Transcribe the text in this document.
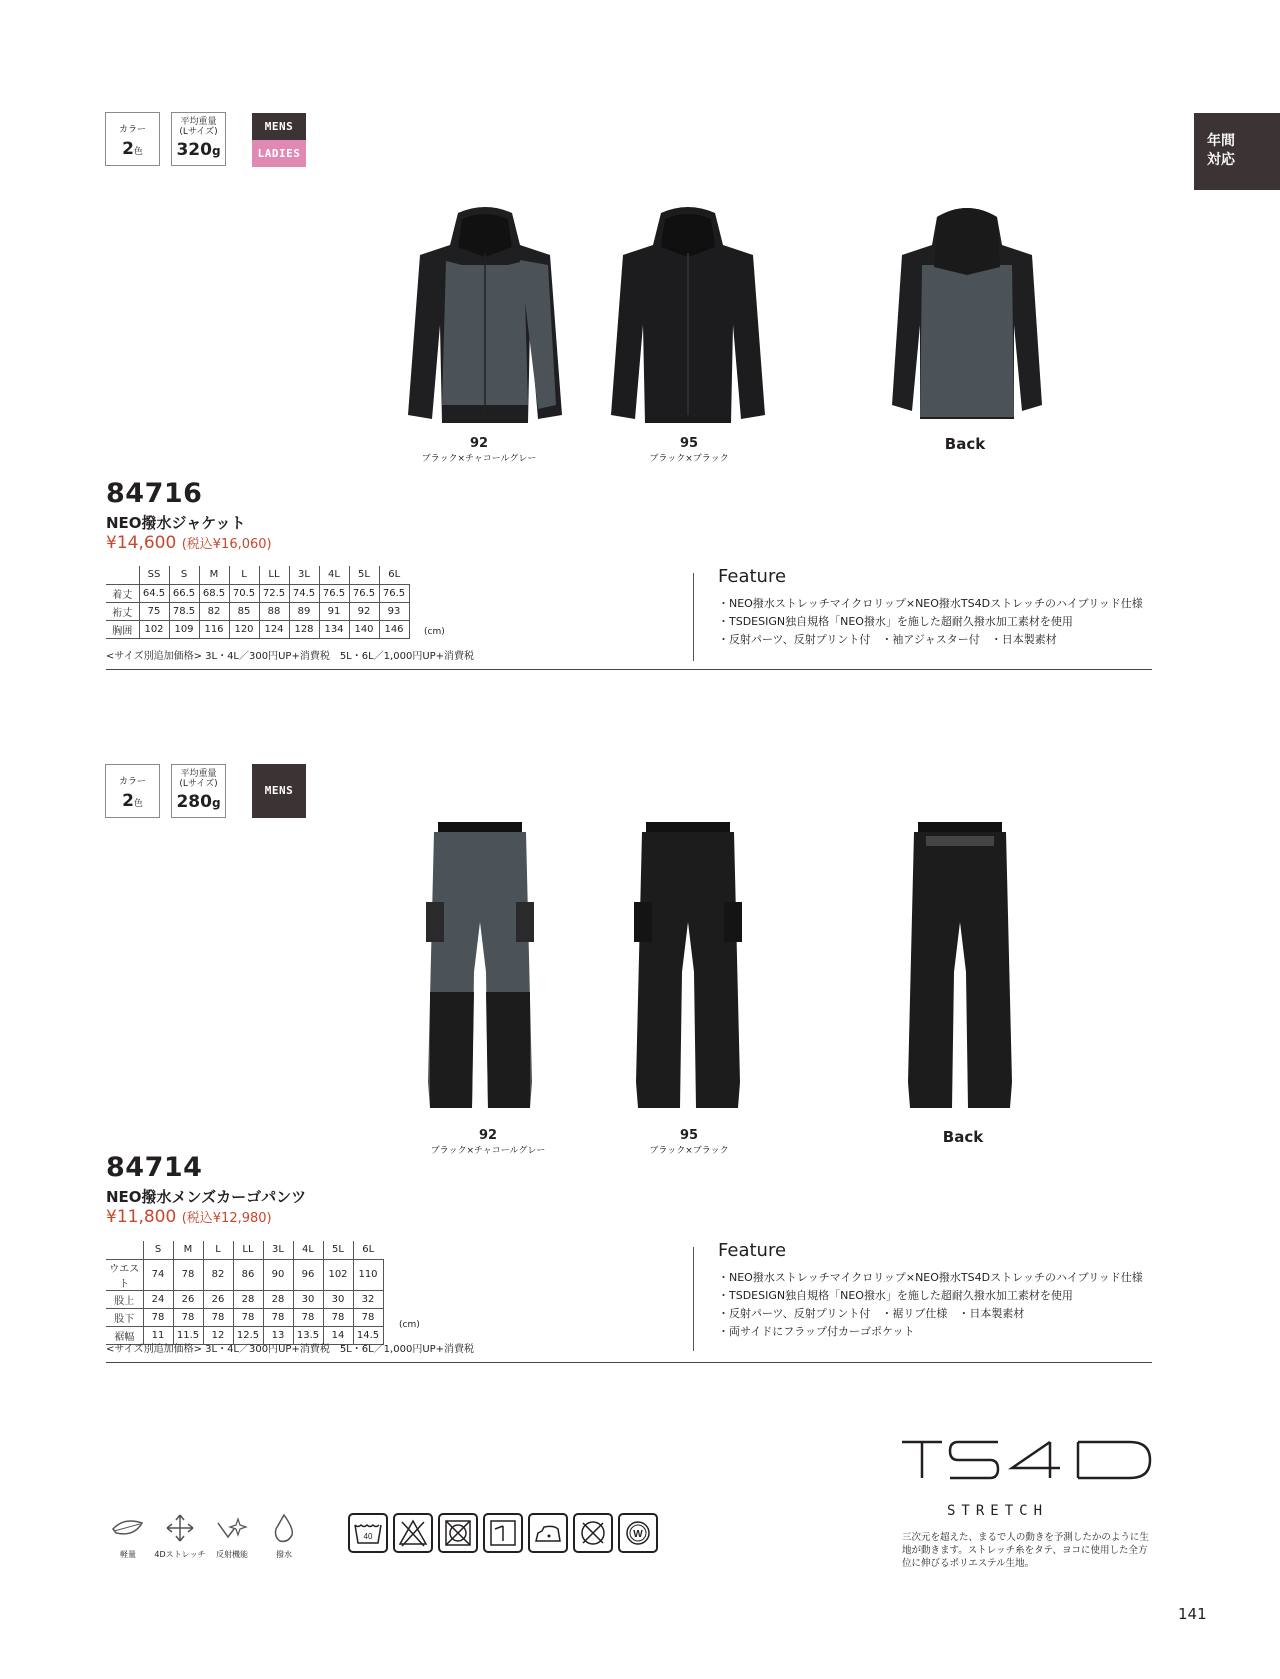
年間
対応
カラー
2色
平均重量
(Lサイズ)
320g
MENS
LADIES
92
ブラック×チャコールグレー
95
ブラック×ブラック
Back
84716
NEO撥水ジャケット
¥14,600 (税込¥16,060)
	SS	S	M	L	LL	3L	4L	5L	6L
着丈	64.5	66.5	68.5	70.5	72.5	74.5	76.5	76.5	76.5
裄丈	75	78.5	82	85	88	89	91	92	93
胸囲	102	109	116	120	124	128	134	140	146 (cm)
<サイズ別追加価格> 3L・4L／300円UP+消費税　5L・6L／1,000円UP+消費税
Feature
・NEO撥水ストレッチマイクロリップ×NEO撥水TS4Dストレッチのハイブリッド仕様
・TSDESIGN独自規格「NEO撥水」を施した超耐久撥水加工素材を使用
・反射パーツ、反射プリント付　・袖アジャスター付　・日本製素材
カラー
2色
平均重量
(Lサイズ)
280g
MENS
92
ブラック×チャコールグレー
95
ブラック×ブラック
Back
84714
NEO撥水メンズカーゴパンツ
¥11,800 (税込¥12,980)
	S	M	L	LL	3L	4L	5L	6L
ウエスト	74	78	82	86	90	96	102	110
股上	24	26	26	28	28	30	30	32
股下	78	78	78	78	78	78	78	78
裾幅	11	11.5	12	12.5	13	13.5	14	14.5
(cm)
<サイズ別追加価格> 3L・4L／300円UP+消費税　5L・6L／1,000円UP+消費税
Feature
・NEO撥水ストレッチマイクロリップ×NEO撥水TS4Dストレッチのハイブリッド仕様
・TSDESIGN独自規格「NEO撥水」を施した超耐久撥水加工素材を使用
・反射パーツ、反射プリント付　・裾リブ仕様　・日本製素材
・両サイドにフラップ付カーゴポケット
軽量	4Dストレッチ	反射機能	撥水
40	W
STRETCH
三次元を超えた、まるで人の動きを予測したかのように生地が動きます。ストレッチ糸をタテ、ヨコに使用した全方位に伸びるポリエステル生地。
141
